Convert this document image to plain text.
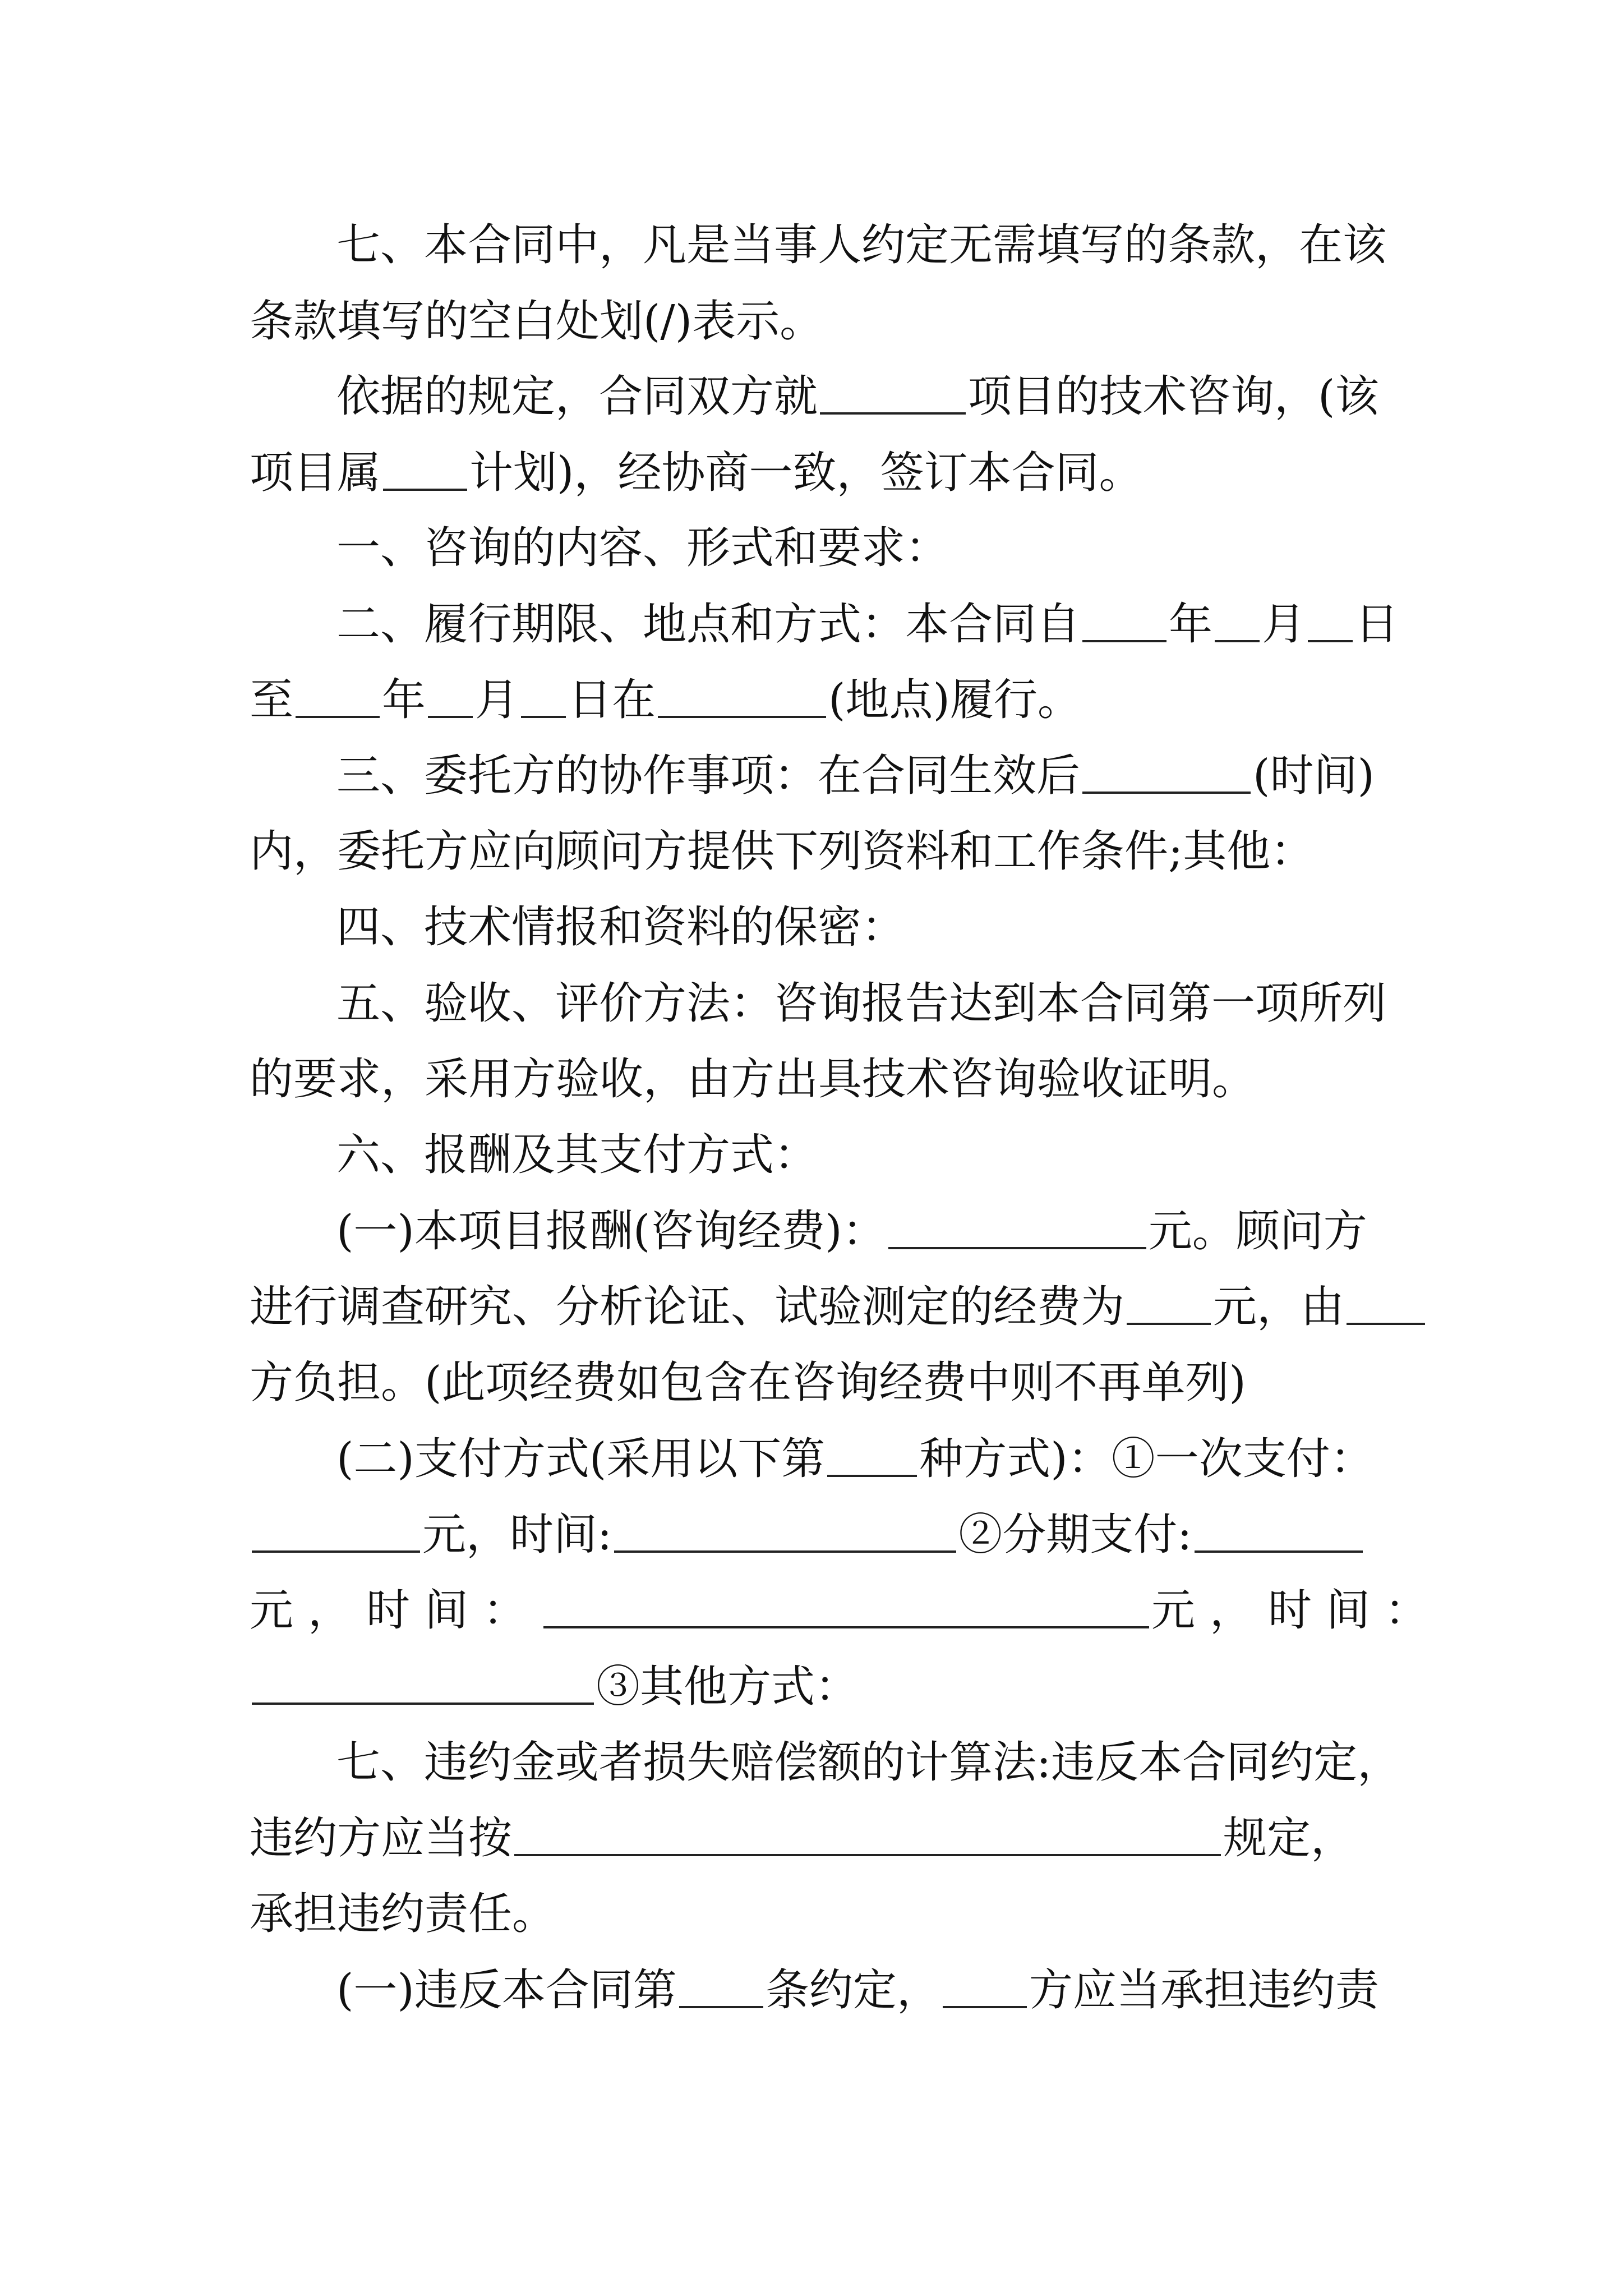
七、本合同中，凡是当事人约定无需填写的条款，在该
条款填写的空白处划(/)表示。
依据的规定，合同双方就	项目的技术咨询，(该
项目属 计划)，经协商一致，签订本合同。
一、咨询的内容、形式和要求：
二、履行期限、地点和方式：本合同自 年 月 日
至 年 月 日在	(地点)履行。
三、委托方的协作事项：在合同生效后	(时间)
内，委托方应向顾问方提供下列资料和工作条件;其他：
四、技术情报和资料的保密：
五、验收、评价方法：咨询报告达到本合同第一项所列
的要求，采用方验收，由方出具技术咨询验收证明。
六、报酬及其支付方式：
(一)本项目报酬(咨询经费)：	元。顾问方
进行调查研究、分析论证、试验测定的经费为 元，由
方负担。(此项经费如包含在咨询经费中则不再单列)
(二)支付方式(采用以下第 种方式)：①一次支付：
元，时间:	②分期支付:
元，时间：	元，时间：
③其他方式：
七、违约金或者损失赔偿额的计算法:违反本合同约定，
违约方应当按	规定，
承担违约责任。
(一)违反本合同第 条约定， 方应当承担违约责
